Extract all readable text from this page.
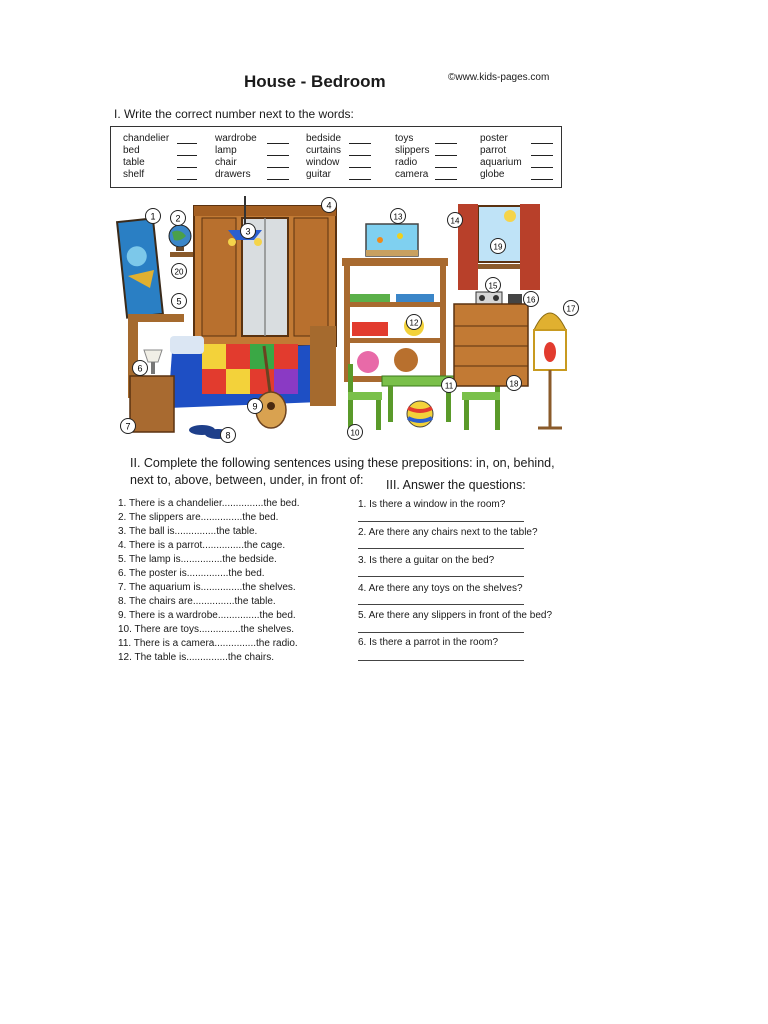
House - Bedroom	©www.kids-pages.com
I. Write the correct number next to the words:
chandelier
bed
table
shelf
wardrobe
lamp
chair
drawers
bedside
curtains
window
guitar
toys
slippers
radio
camera
poster
parrot
aquarium
globe
1 2
3
4
5
6
7
8
9
10
11
12
13	14
15
16
17
18
19
20
II. Complete the following sentences using these prepositions: in, on, behind,
next to, above, between, under, in front of:
1. There is a chandelier...............the bed.
2. The slippers are...............the bed.
3. The ball is...............the table.
4. There is a parrot...............the cage.
5. The lamp is...............the bedside.
6. The poster is...............the bed.
7. The aquarium is...............the shelves.
8. The chairs are...............the table.
9. There is a wardrobe...............the bed.
10. There are toys...............the shelves.
11. There is a camera...............the radio.
12. The table is...............the chairs.
III. Answer the questions:
1. Is there a window in the room?
2. Are there any chairs next to the table?
3. Is there a guitar on the bed?
4. Are there any toys on the shelves?
5. Are there any slippers in front of the bed?
6. Is there a parrot in the room?
